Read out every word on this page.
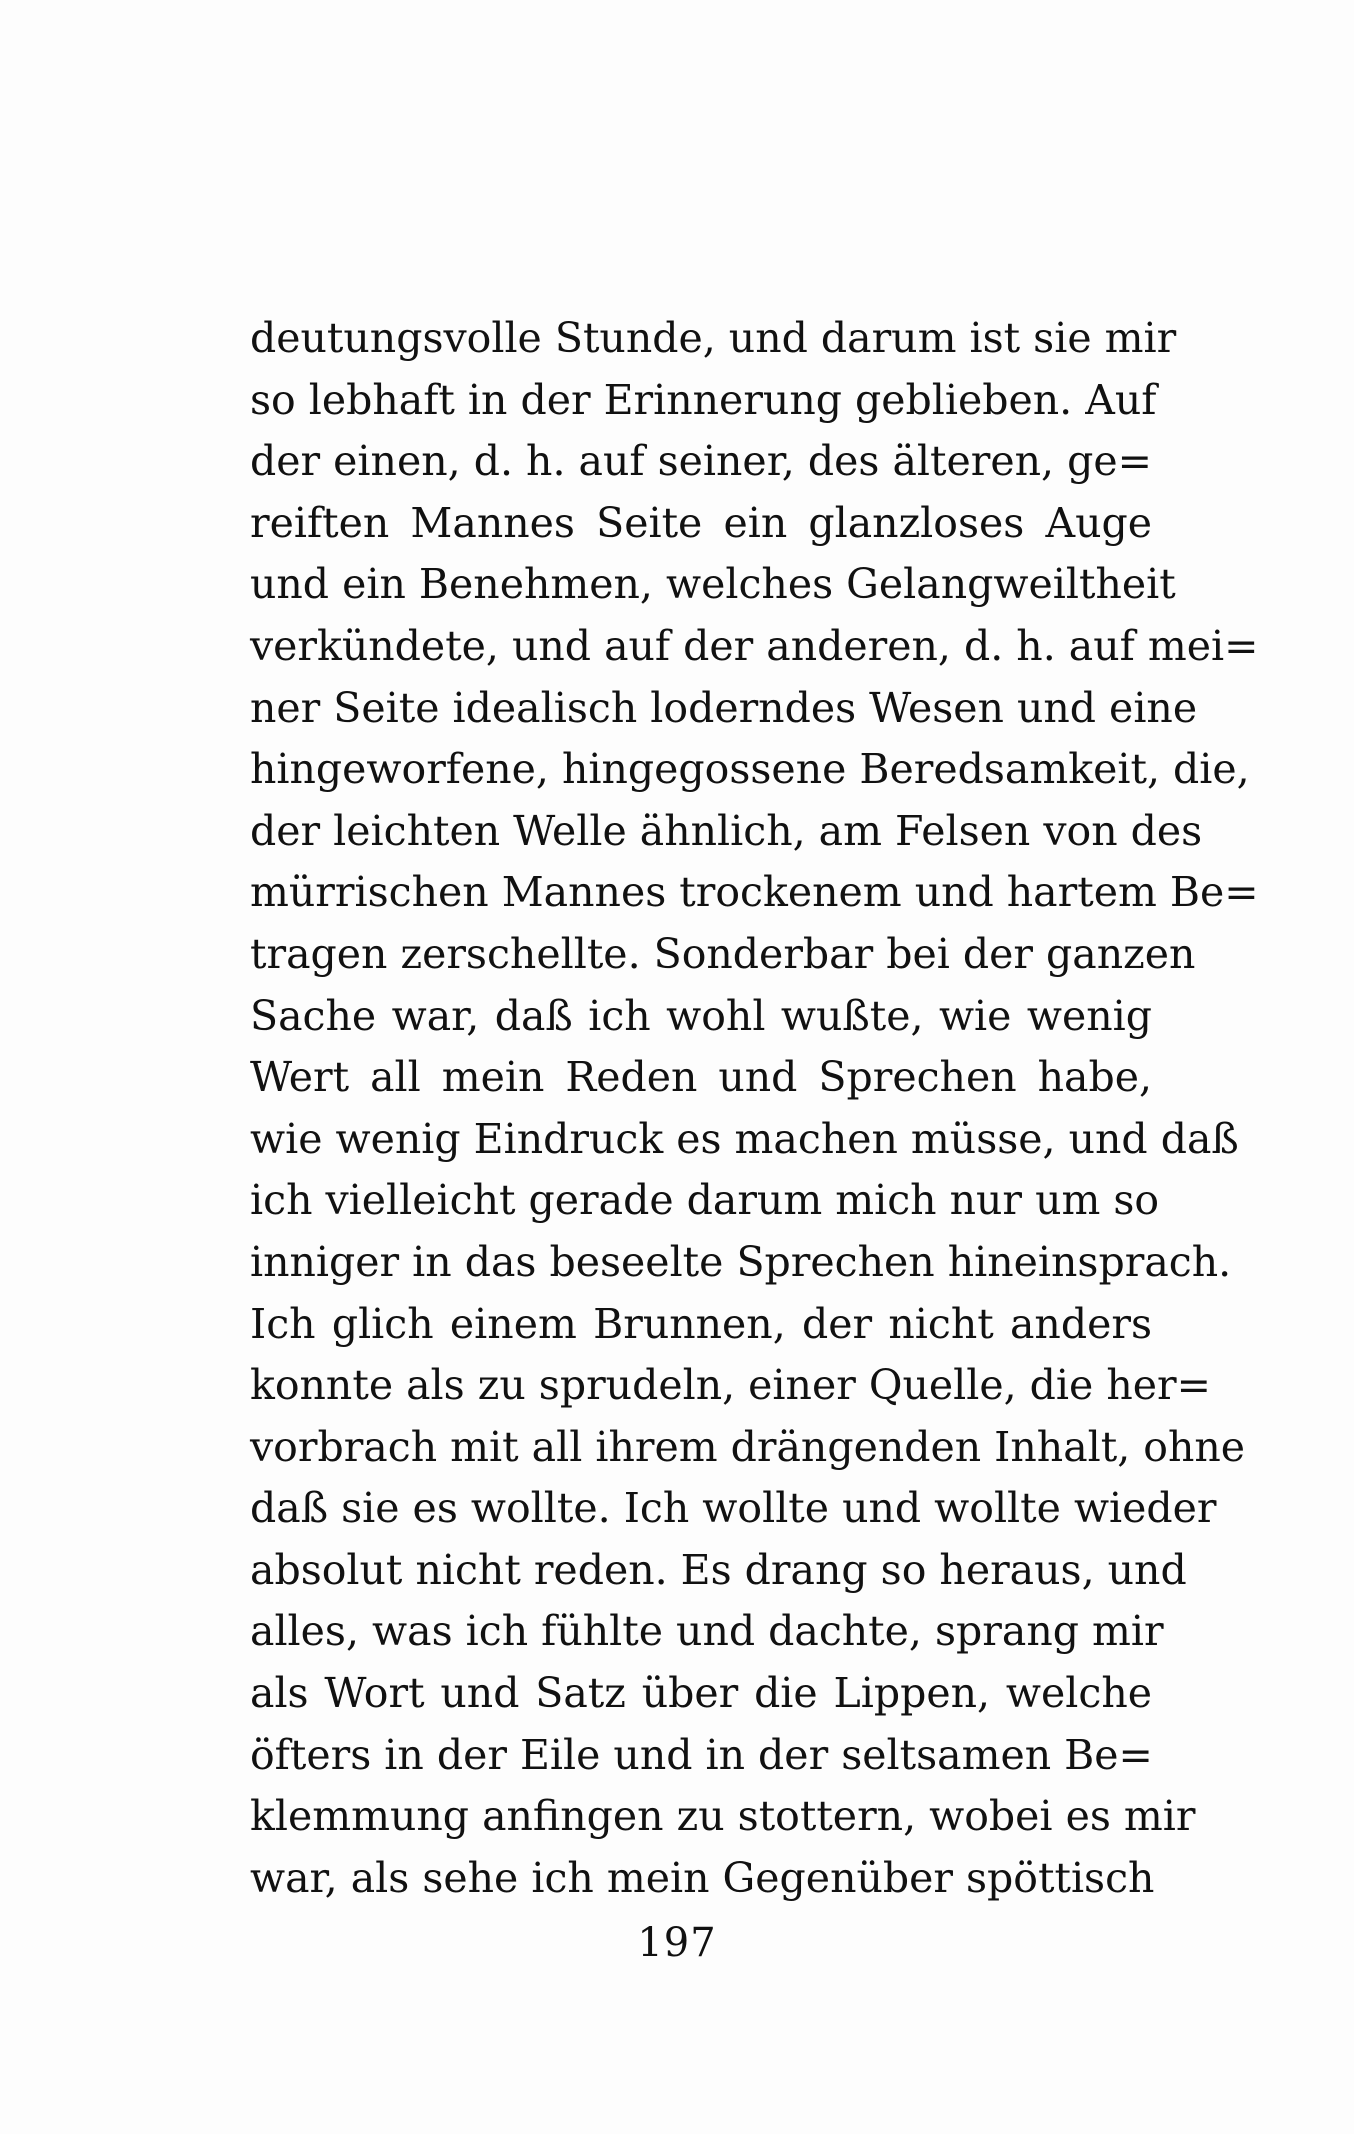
deutungsvolle Stunde, und darum ist sie mir
so lebhaft in der Erinnerung geblieben. Auf
der einen, d. h. auf seiner, des älteren, ge=
reiften Mannes Seite ein glanzloses Auge
und ein Benehmen, welches Gelangweiltheit
verkündete, und auf der anderen, d. h. auf mei=
ner Seite idealisch loderndes Wesen und eine
hingeworfene, hingegossene Beredsamkeit, die,
der leichten Welle ähnlich, am Felsen von des
mürrischen Mannes trockenem und hartem Be=
tragen zerschellte. Sonderbar bei der ganzen
Sache war, daß ich wohl wußte, wie wenig
Wert all mein Reden und Sprechen habe,
wie wenig Eindruck es machen müsse, und daß
ich vielleicht gerade darum mich nur um so
inniger in das beseelte Sprechen hineinsprach.
Ich glich einem Brunnen, der nicht anders
konnte als zu sprudeln, einer Quelle, die her=
vorbrach mit all ihrem drängenden Inhalt, ohne
daß sie es wollte. Ich wollte und wollte wieder
absolut nicht reden. Es drang so heraus, und
alles, was ich fühlte und dachte, sprang mir
als Wort und Satz über die Lippen, welche
öfters in der Eile und in der seltsamen Be=
klemmung anfingen zu stottern, wobei es mir
war, als sehe ich mein Gegenüber spöttisch
197
